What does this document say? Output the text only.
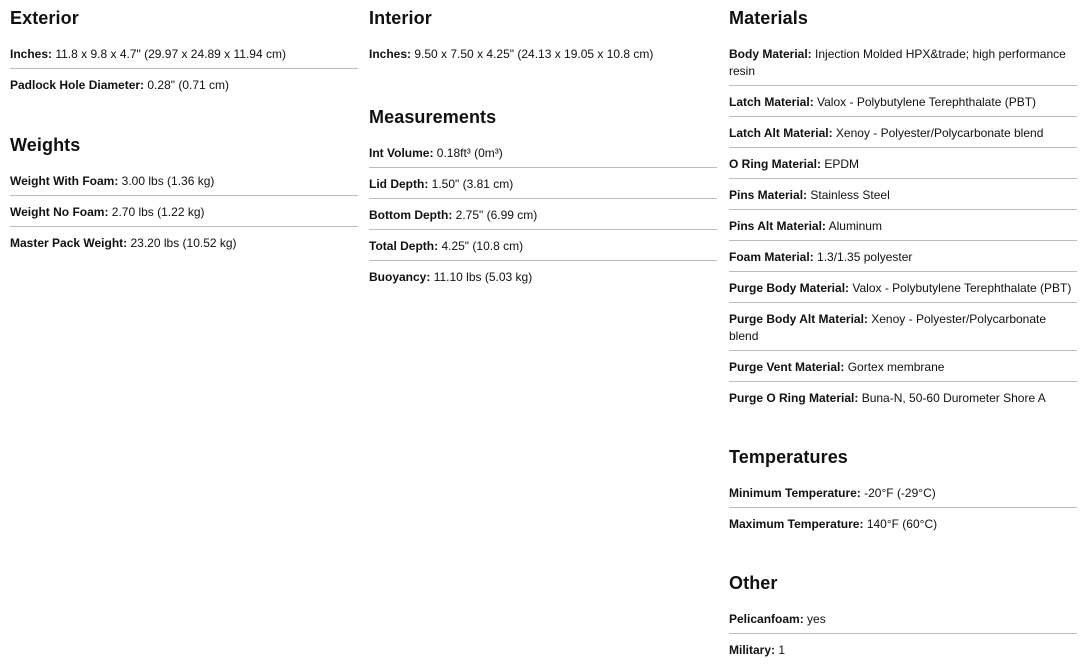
Exterior
Inches: 11.8 x 9.8 x 4.7" (29.97 x 24.89 x 11.94 cm)
Padlock Hole Diameter: 0.28" (0.71 cm)
Weights
Weight With Foam: 3.00 lbs (1.36 kg)
Weight No Foam: 2.70 lbs (1.22 kg)
Master Pack Weight: 23.20 lbs (10.52 kg)
Interior
Inches: 9.50 x 7.50 x 4.25" (24.13 x 19.05 x 10.8 cm)
Measurements
Int Volume: 0.18ft³ (0m³)
Lid Depth: 1.50" (3.81 cm)
Bottom Depth: 2.75" (6.99 cm)
Total Depth: 4.25" (10.8 cm)
Buoyancy: 11.10 lbs (5.03 kg)
Materials
Body Material: Injection Molded HPX&trade; high performance resin
Latch Material: Valox - Polybutylene Terephthalate (PBT)
Latch Alt Material: Xenoy - Polyester/Polycarbonate blend
O Ring Material: EPDM
Pins Material: Stainless Steel
Pins Alt Material: Aluminum
Foam Material: 1.3/1.35 polyester
Purge Body Material: Valox - Polybutylene Terephthalate (PBT)
Purge Body Alt Material: Xenoy - Polyester/Polycarbonate blend
Purge Vent Material: Gortex membrane
Purge O Ring Material: Buna-N, 50-60 Durometer Shore A
Temperatures
Minimum Temperature: -20°F (-29°C)
Maximum Temperature: 140°F (60°C)
Other
Pelicanfoam: yes
Military: 1
